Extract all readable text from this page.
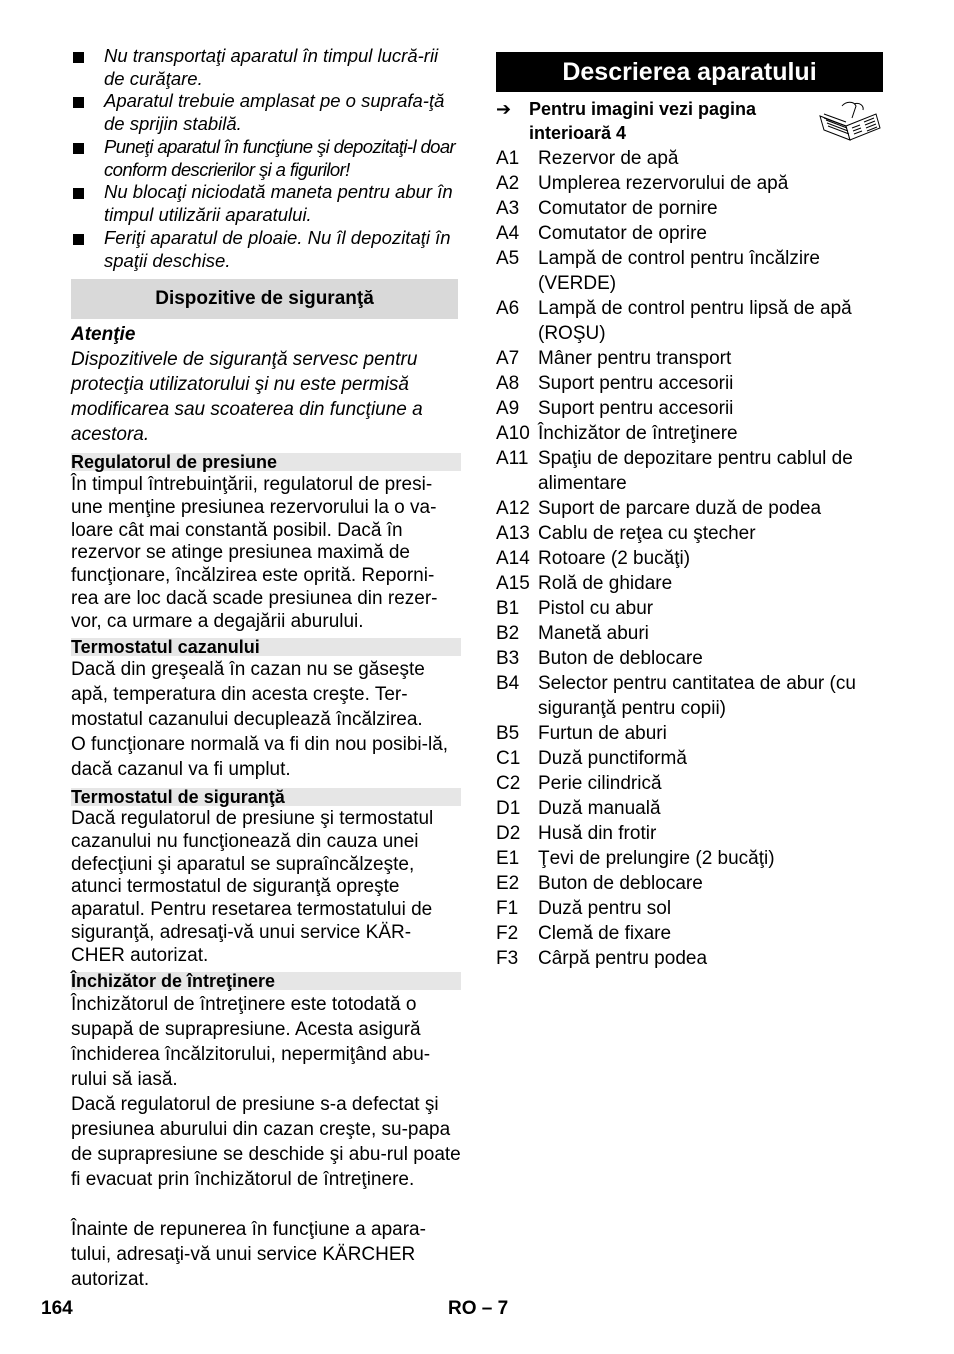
Nu transportaţi aparatul în timpul lucră-rii de curăţare.
Aparatul trebuie amplasat pe o suprafa-ţă de sprijin stabilă.
Puneţi aparatul în funcţiune şi depozitaţi-l doar conform descrierilor şi a figurilor!
Nu blocaţi niciodată maneta pentru abur în timpul utilizării aparatului.
Feriţi aparatul de ploaie. Nu îl depozitaţi în spaţii deschise.
Dispozitive de siguranţă

Atenţie
Dispozitivele de siguranţă servesc pentru protecţia utilizatorului şi nu este permisă modificarea sau scoaterea din funcţiune a acestora.

Regulatorul de presiune

În timpul întrebuinţării, regulatorul de presi-une menţine presiunea rezervorului la o va-loare cât mai constantă posibil. Dacă în rezervor se atinge presiunea maximă de funcţionare, încălzirea este oprită. Reporni-rea are loc dacă scade presiunea din rezer-vor, ca urmare a degajării aburului.

Termostatul cazanului

Dacă din greşeală în cazan nu se găseşte apă, temperatura din acesta creşte. Ter-mostatul cazanului decuplează încălzirea.

O funcţionare normală va fi din nou posibi-lă, dacă cazanul va fi umplut.

Termostatul de siguranţă

Dacă regulatorul de presiune şi termostatul cazanului nu funcţionează din cauza unei defecţiuni şi aparatul se supraîncălzeşte, atunci termostatul de siguranţă opreşte aparatul. Pentru resetarea termostatului de siguranţă, adresaţi-vă unui service KÄR-CHER autorizat.

Închizător de întreţinere

Închizătorul de întreţinere este totodată o supapă de suprapresiune. Acesta asigură închiderea încălzitorului, nepermiţând abu-rului să iasă.

Dacă regulatorul de presiune s-a defectat şi presiunea aburului din cazan creşte, su-papa de suprapresiune se deschide şi abu-rul poate fi evacuat prin închizătorul de întreţinere.

Înainte de repunerea în funcţiune a apara-tului, adresaţi-vă unui service KÄRCHER autorizat.

Descrierea aparatului
➔ Pentru imagini vezi pagina interioară 4
A1 Rezervor de apă
A2 Umplerea rezervorului de apă
A3 Comutator de pornire
A4 Comutator de oprire
A5 Lampă de control pentru încălzire (VERDE)
A6 Lampă de control pentru lipsă de apă (ROŞU)
A7 Mâner pentru transport
A8 Suport pentru accesorii
A9 Suport pentru accesorii
A10 Închizător de întreţinere
A11 Spaţiu de depozitare pentru cablul de alimentare
A12 Suport de parcare duză de podea
A13 Cablu de reţea cu ştecher
A14 Rotoare (2 bucăţi)
A15 Rolă de ghidare
B1 Pistol cu abur
B2 Manetă aburi
B3 Buton de deblocare
B4 Selector pentru cantitatea de abur (cu siguranţă pentru copii)
B5 Furtun de aburi
C1 Duză punctiformă
C2 Perie cilindrică
D1 Duză manuală
D2 Husă din frotir
E1 Ţevi de prelungire (2 bucăţi)
E2 Buton de deblocare
F1 Duză pentru sol
F2 Clemă de fixare
F3 Cârpă pentru podea
164	RO – 7
